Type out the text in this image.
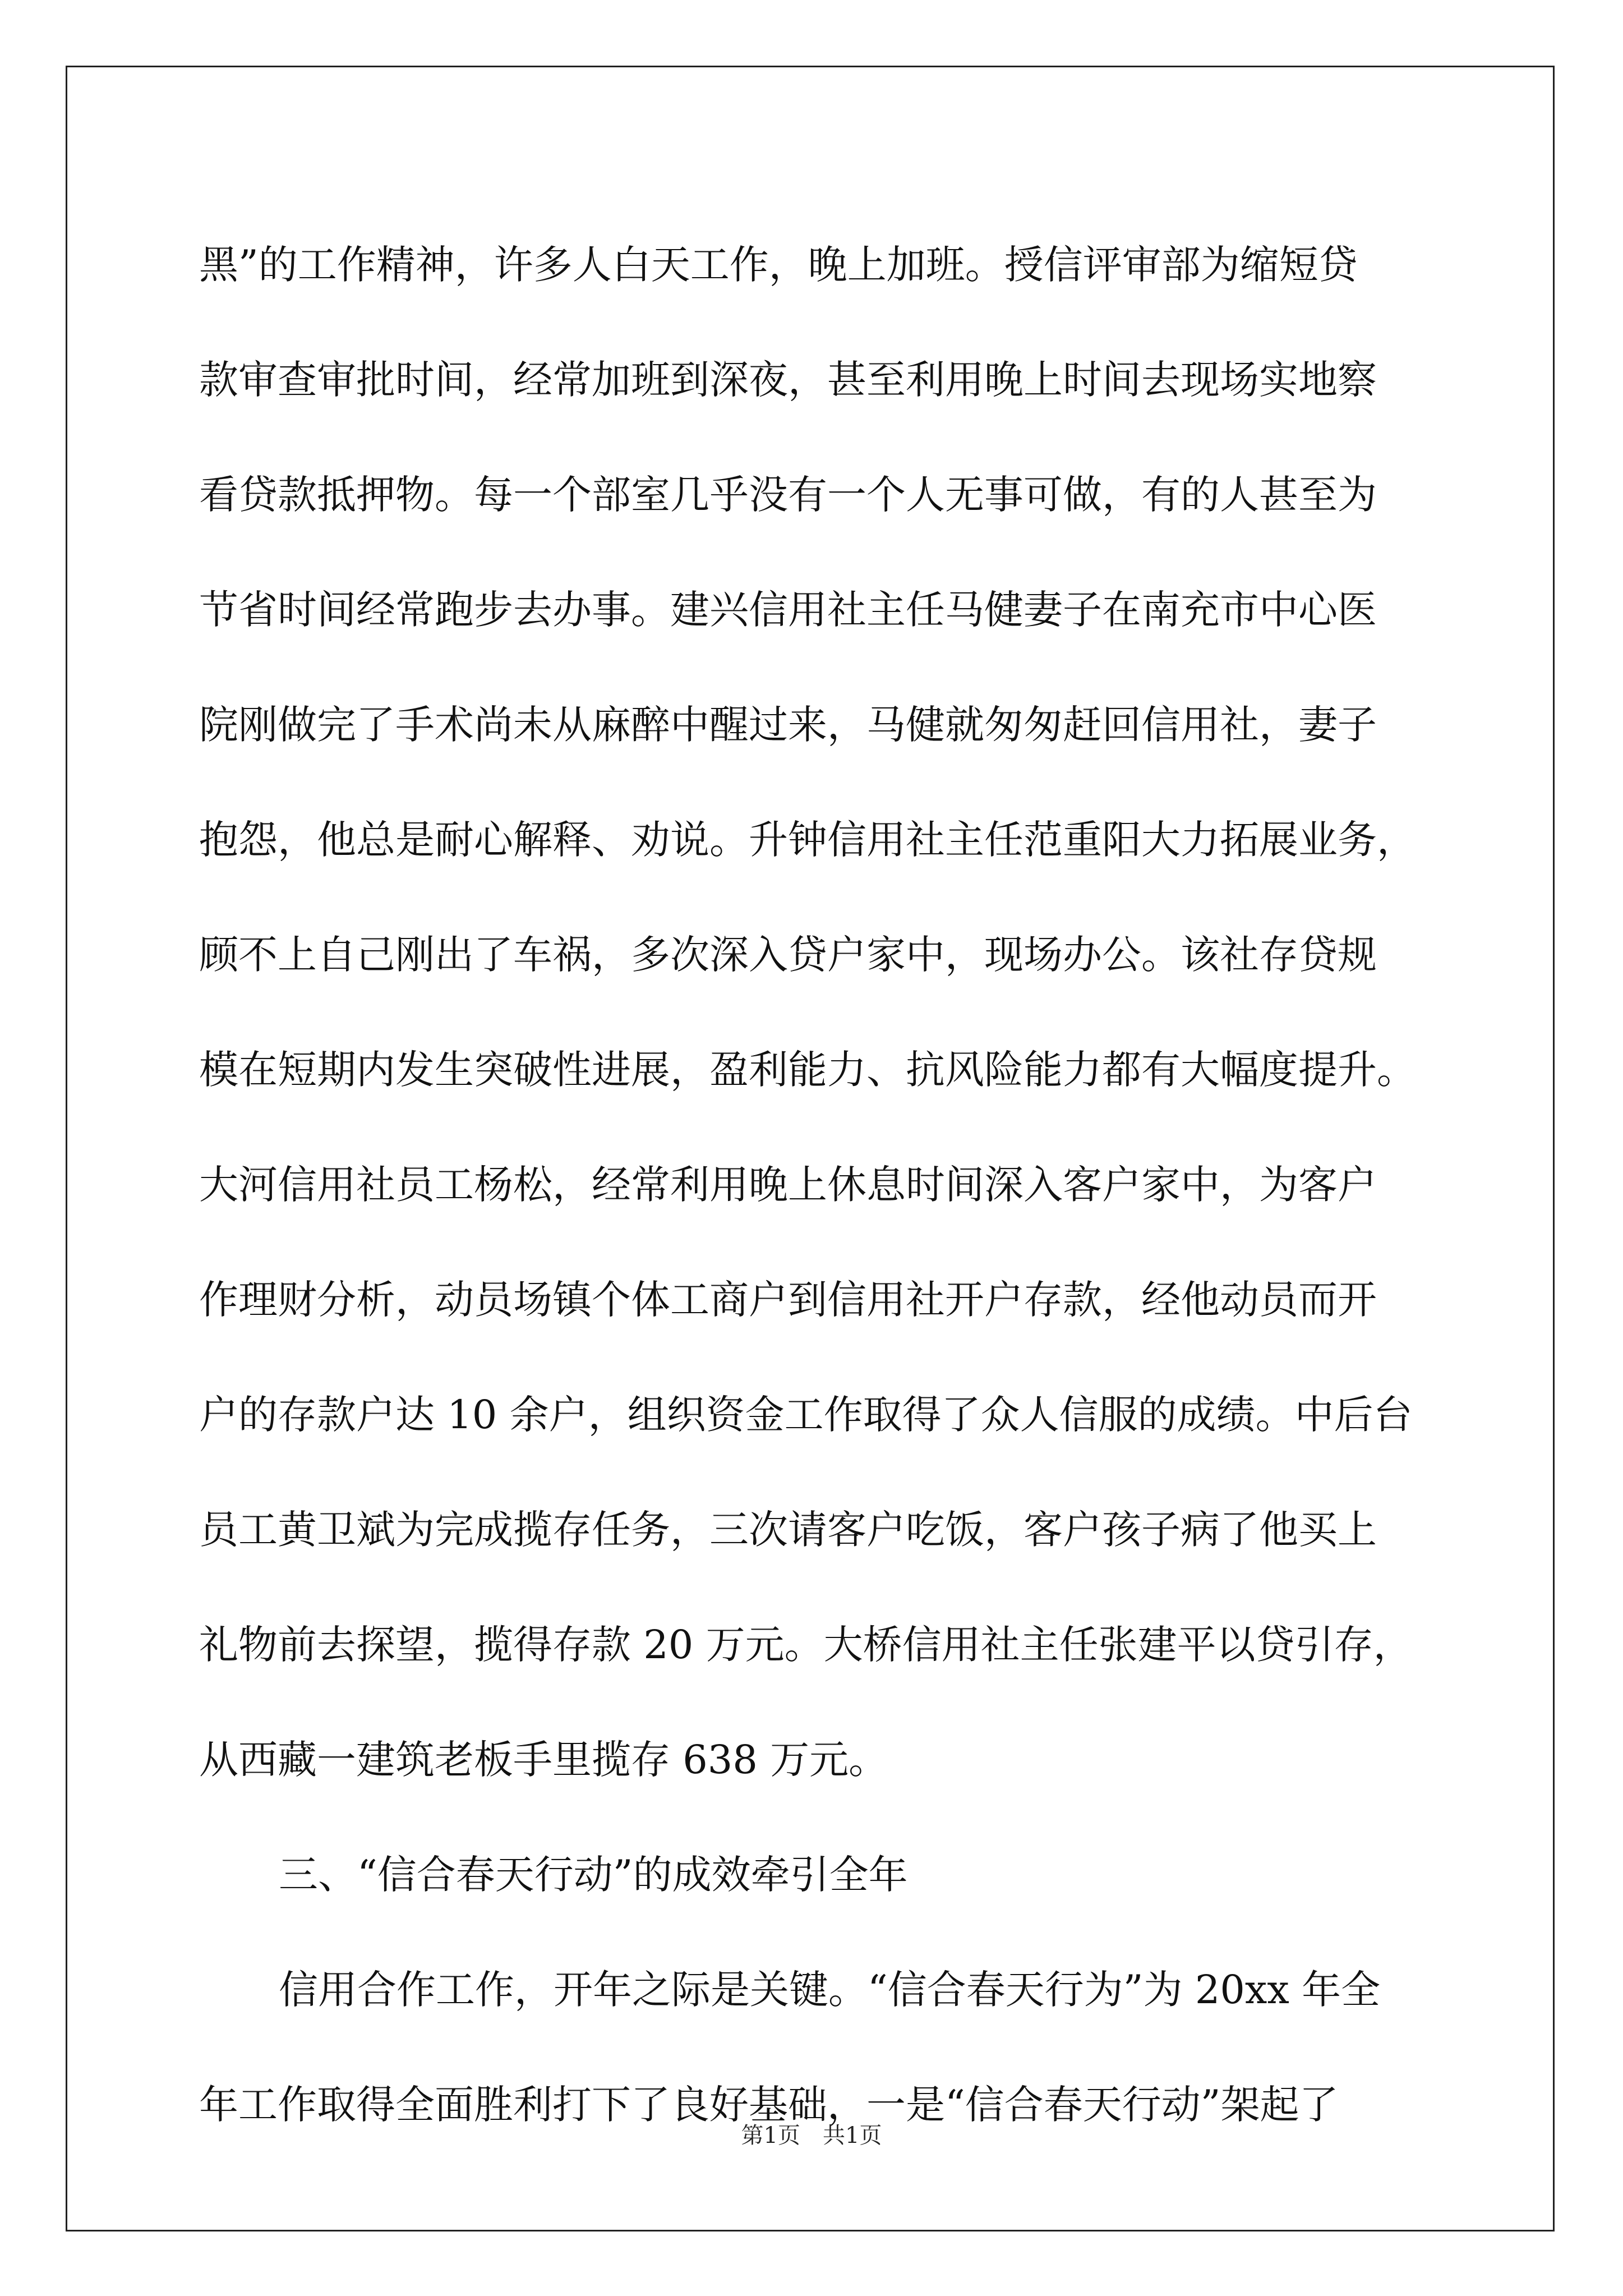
黑”的工作精神，许多人白天工作，晚上加班。授信评审部为缩短贷
款审查审批时间，经常加班到深夜，甚至利用晚上时间去现场实地察
看贷款抵押物。每一个部室几乎没有一个人无事可做，有的人甚至为
节省时间经常跑步去办事。建兴信用社主任马健妻子在南充市中心医
院刚做完了手术尚未从麻醉中醒过来，马健就匆匆赶回信用社，妻子
抱怨，他总是耐心解释、劝说。升钟信用社主任范重阳大力拓展业务，
顾不上自己刚出了车祸，多次深入贷户家中，现场办公。该社存贷规
模在短期内发生突破性进展，盈利能力、抗风险能力都有大幅度提升。
大河信用社员工杨松，经常利用晚上休息时间深入客户家中，为客户
作理财分析，动员场镇个体工商户到信用社开户存款，经他动员而开
户的存款户达 10 余户，组织资金工作取得了众人信服的成绩。中后台
员工黄卫斌为完成揽存任务，三次请客户吃饭，客户孩子病了他买上
礼物前去探望，揽得存款 20 万元。大桥信用社主任张建平以贷引存，
从西藏一建筑老板手里揽存 638 万元。
三、“信合春天行动”的成效牵引全年
信用合作工作，开年之际是关键。“信合春天行为”为 20xx 年全
年工作取得全面胜利打下了良好基础，一是“信合春天行动”架起了
第1页 共1页
